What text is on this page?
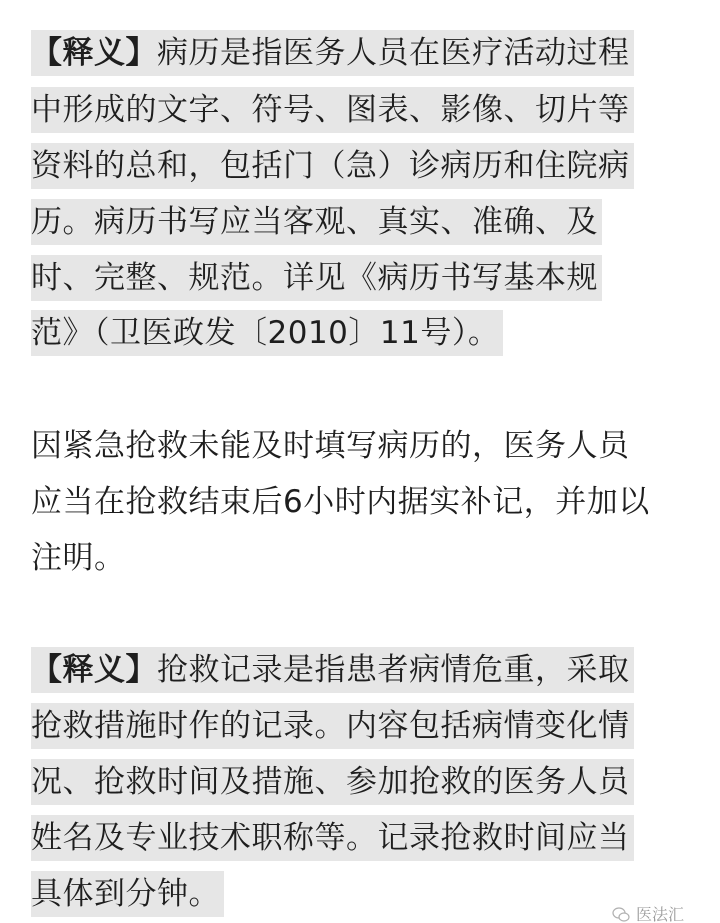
【释义】病历是指医务人员在医疗活动过程
中形成的文字、符号、图表、影像、切片等
资料的总和，包括门（急）诊病历和住院病
历。病历书写应当客观、真实、准确、及
时、完整、规范。详见《病历书写基本规
范》（卫医政发〔2010〕11号）。
因紧急抢救未能及时填写病历的，医务人员
应当在抢救结束后6小时内据实补记，并加以
注明。
【释义】抢救记录是指患者病情危重，采取
抢救措施时作的记录。内容包括病情变化情
况、抢救时间及措施、参加抢救的医务人员
姓名及专业技术职称等。记录抢救时间应当
具体到分钟。
医法汇
